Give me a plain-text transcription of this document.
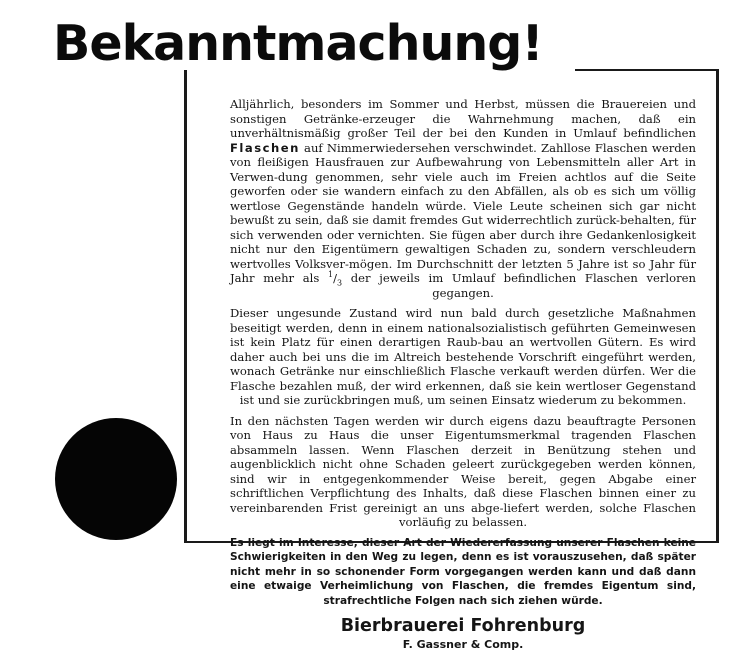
Bekanntmachung!

Alljährlich, besonders im Sommer und Herbst, müssen die Brauereien und sonstigen Getränke-erzeuger die Wahrnehmung machen, daß ein unverhältnismäßig großer Teil der bei den Kunden in Umlauf befindlichen Flaschen auf Nimmerwiedersehen verschwindet. Zahllose Flaschen werden von fleißigen Hausfrauen zur Aufbewahrung von Lebensmitteln aller Art in Verwen-dung genommen, sehr viele auch im Freien achtlos auf die Seite geworfen oder sie wandern einfach zu den Abfällen, als ob es sich um völlig wertlose Gegenstände handeln würde. Viele Leute scheinen sich gar nicht bewußt zu sein, daß sie damit fremdes Gut widerrechtlich zurück-behalten, für sich verwenden oder vernichten. Sie fügen aber durch ihre Gedankenlosigkeit nicht nur den Eigentümern gewaltigen Schaden zu, sondern verschleudern wertvolles Volksver-mögen. Im Durchschnitt der letzten 5 Jahre ist so Jahr für Jahr mehr als $^1/_3$ der jeweils im Umlauf befindlichen Flaschen verloren gegangen.

Dieser ungesunde Zustand wird nun bald durch gesetzliche Maßnahmen beseitigt werden, denn in einem nationalsozialistisch geführten Gemeinwesen ist kein Platz für einen derartigen Raub-bau an wertvollen Gütern. Es wird daher auch bei uns die im Altreich bestehende Vorschrift eingeführt werden, wonach Getränke nur einschließlich Flasche verkauft werden dürfen. Wer die Flasche bezahlen muß, der wird erkennen, daß sie kein wertloser Gegenstand ist und sie zurückbringen muß, um seinen Einsatz wiederum zu bekommen.

In den nächsten Tagen werden wir durch eigens dazu beauftragte Personen von Haus zu Haus die unser Eigentumsmerkmal tragenden Flaschen absammeln lassen. Wenn Flaschen derzeit in Benützung stehen und augenblicklich nicht ohne Schaden geleert zurückgegeben werden können, sind wir in entgegenkommender Weise bereit, gegen Abgabe einer schriftlichen Verpflichtung des Inhalts, daß diese Flaschen binnen einer zu vereinbarenden Frist gereinigt an uns abge-liefert werden, solche Flaschen vorläufig zu belassen.

Es liegt im Interesse, dieser Art der Wiedererfassung unserer Flaschen keine Schwierigkeiten in den Weg zu legen, denn es ist vorauszusehen, daß später nicht mehr in so schonender Form vorgegangen werden kann und daß dann eine etwaige Verheimlichung von Flaschen, die fremdes Eigentum sind, strafrechtliche Folgen nach sich ziehen würde.

Bierbrauerei Fohrenburg
F. Gassner & Comp.
